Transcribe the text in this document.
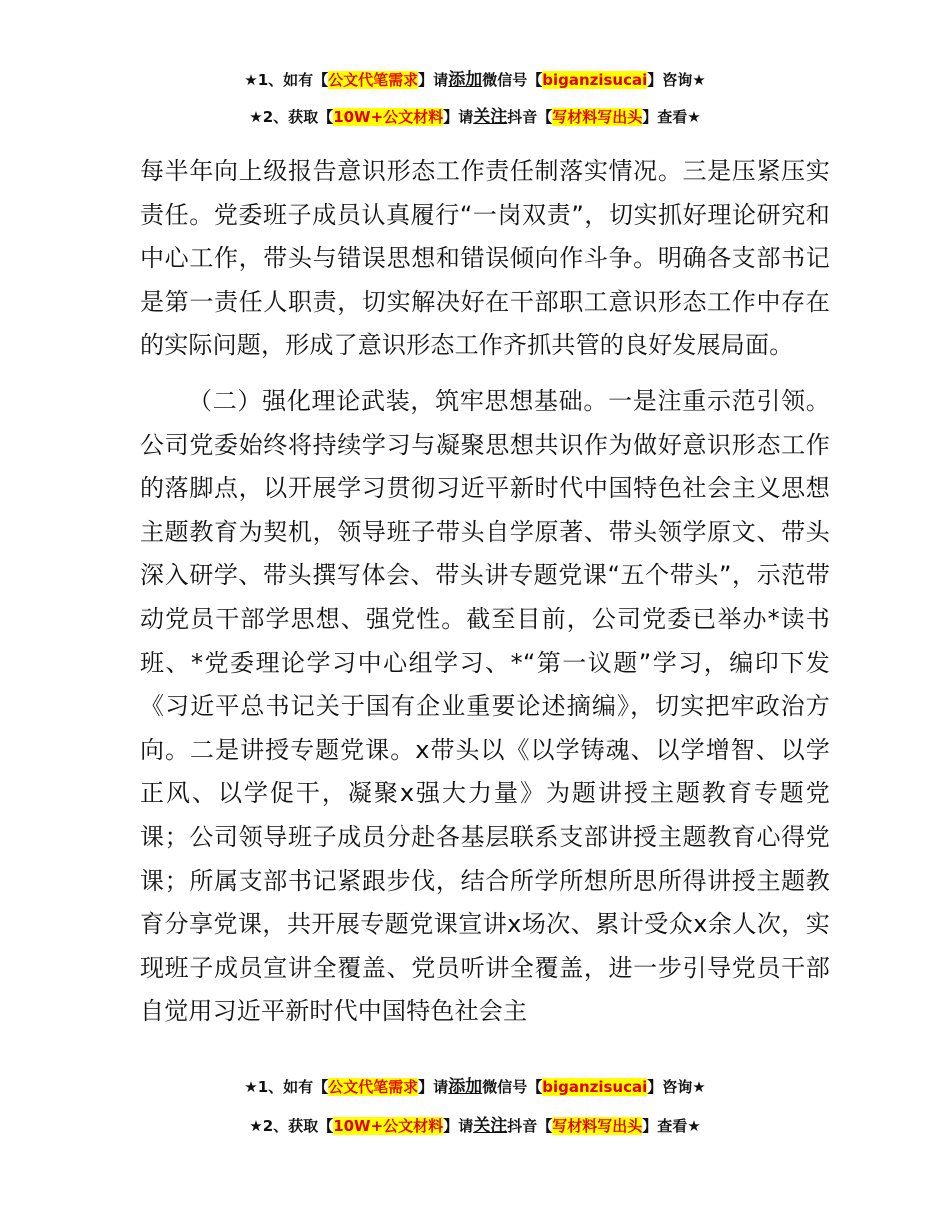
★1、如有【公文代笔需求】请添加微信号【biganzisucai】咨询★
★2、获取【10W+公文材料】请关注抖音【写材料写出头】查看★

每半年向上级报告意识形态工作责任制落实情况。三是压紧压实责任。党委班子成员认真履行“一岗双责”，切实抓好理论研究和中心工作，带头与错误思想和错误倾向作斗争。明确各支部书记是第一责任人职责，切实解决好在干部职工意识形态工作中存在的实际问题，形成了意识形态工作齐抓共管的良好发展局面。

（二）强化理论武装，筑牢思想基础。一是注重示范引领。公司党委始终将持续学习与凝聚思想共识作为做好意识形态工作的落脚点，以开展学习贯彻习近平新时代中国特色社会主义思想主题教育为契机，领导班子带头自学原著、带头领学原文、带头深入研学、带头撰写体会、带头讲专题党课“五个带头”，示范带动党员干部学思想、强党性。截至目前，公司党委已举办*读书班、*党委理论学习中心组学习、*“第一议题”学习，编印下发《习近平总书记关于国有企业重要论述摘编》，切实把牢政治方向。二是讲授专题党课。x带头以《以学铸魂、以学增智、以学正风、以学促干，凝聚x强大力量》为题讲授主题教育专题党课；公司领导班子成员分赴各基层联系支部讲授主题教育心得党课；所属支部书记紧跟步伐，结合所学所想所思所得讲授主题教育分享党课，共开展专题党课宣讲x场次、累计受众x余人次，实现班子成员宣讲全覆盖、党员听讲全覆盖，进一步引导党员干部自觉用习近平新时代中国特色社会主

★1、如有【公文代笔需求】请添加微信号【biganzisucai】咨询★
★2、获取【10W+公文材料】请关注抖音【写材料写出头】查看★
